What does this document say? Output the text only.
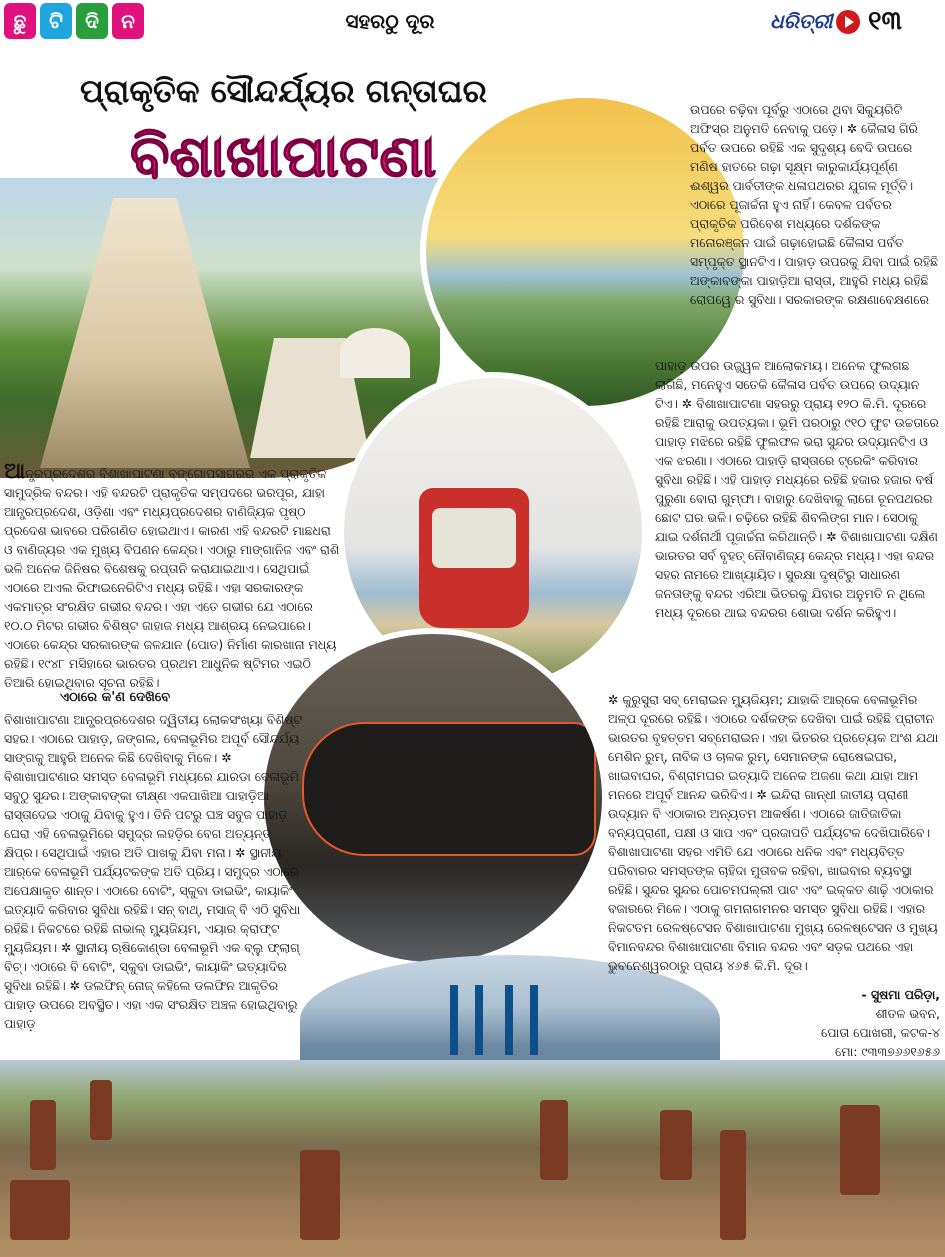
ଛୁ	ଟି	ଦି	ନ	ସହରଠୁ ଦୂର	ଧରିତ୍ରୀ ୧୩
ପ୍ରାକୃତିକ ସୌନ୍ଦର୍ଯ୍ୟର ଗନ୍ତାଘର
ବିଶାଖାପାଟଣା
ଆନ୍ଧ୍ରପ୍ରଦେଶର ବିଶାଖାପାଟଣା ବଙ୍ଗୋପସାଗରର ଏକ ପ୍ରାକୃତିକ ସାମୁଦ୍ରିକ ବନ୍ଦର। ଏହି ବନ୍ଦରଟି ପ୍ରାକୃତିକ ସମ୍ପଦରେ ଭରପୂର, ଯାହା ଆନ୍ଧ୍ରପ୍ରଦେଶ, ଓଡ଼ିଶା ଏବଂ ମଧ୍ୟପ୍ରଦେଶର ବାଣିଜ୍ୟିକ ପୃଷ୍ଠ ପ୍ରଦେଶ ଭାବରେ ପରିଗଣିତ ହୋଇଥାଏ। କାରଣ ଏହି ବନ୍ଦରଟି ମାଛଧରା ଓ ବାଣିଜ୍ୟର ଏକ ମୁଖ୍ୟ ବିପଣନ କେନ୍ଦ୍ର। ଏଠାରୁ ମାଙ୍ଗାନିଜ ଏବଂ ରାଶି ଭଳି ଅନେକ ଜିନିଷର ବିଶେଷକୁ ରପ୍ତାନି କରାଯାଇଥାଏ। ସେଥିପାଇଁ ଏଠାରେ ଅଏଲ ରିଫାଇନେରିଟିଏ ମଧ୍ୟ ରହିଛି। ଏହା ସରକାରଙ୍କ ଏକମାତ୍ର ସଂରକ୍ଷିତ ଗଭୀର ବନ୍ଦର। ଏହା ଏତେ ଗଭୀର ଯେ ଏଠାରେ ୧୦.୦ ମିଟର ଗଭୀର ବିଶିଷ୍ଟ ଜାହାଜ ମଧ୍ୟ ଆଶ୍ରୟ ନେଇପାରେ। ଏଠାରେ କେନ୍ଦ୍ର ସରକାରଙ୍କ ଜଳଯାନ (ପୋତ) ନିର୍ମାଣ କାରଖାନା ମଧ୍ୟ ରହିଛି। ୧୯୪୮ ମସିହାରେ ଭାରତର ପ୍ରଥମ ଆଧୁନିକ ଷ୍ଟିମର ଏଇଠି ତିଆରି ହୋଇଥିବାର ସୂଚନା ରହିଛି।
ଏଠାରେ କ'ଣ ଦେଖିବେ
ବିଶାଖାପାଟଣା ଆନ୍ଧ୍ରପ୍ରଦେଶର ଦ୍ୱିତୀୟ ଲୋକସଂଖ୍ୟା ବିଶିଷ୍ଟ ସହର। ଏଠାରେ ପାହାଡ଼, ଜଙ୍ଗଲ, ବେଳାଭୂମିର ଅପୂର୍ବ ସୌନ୍ଦର୍ଯ୍ୟ ସାଙ୍ଗକୁ ଆହୁରି ଅନେକ କିଛି ଦେଖିବାକୁ ମିଳେ। ✲ ବିଶାଖାପାଟଣାର ସମସ୍ତ ବେଳାଭୂମି ମଧ୍ୟରେ ଯାରଡା ବେଳାଭୂମି ସବୁଠୁ ସୁନ୍ଦର। ଅଙ୍କାବଙ୍କା ତୀକ୍ଷ୍ଣ ଏକପାଖିଆ ପାହାଡ଼ିଆ ରାସ୍ତାଦେଇ ଏଠାକୁ ଯିବାକୁ ହୁଏ। ତିନି ପଟରୁ ଘଞ୍ଚ ସବୁଜ ପାହାଡ଼ ଘେରା ଏହି ବେଳାଭୂମିରେ ସମୁଦ୍ର ଲହଡ଼ିର ବେଗ ଅତ୍ୟନ୍ତ କ୍ଷିପ୍ର। ସେଥିପାଇଁ ଏହାର ଅତି ପାଖକୁ ଯିବା ମନା। ✲ ସ୍ଥାନୀୟ ଆର୍‌କେ ବେଳାଭୂମି ପର୍ଯ୍ୟଟକଙ୍କ ଅତି ପ୍ରିୟ। ସମୁଦ୍ର ଏଠାରେ ଅପେକ୍ଷାକୃତ ଶାନ୍ତ। ଏଠାରେ ବୋଟିଂ, ସ୍କୁବା ଡାଇଭିଂ, କାୟାକିଂ ଇତ୍ୟାଦି କରିବାର ସୁବିଧା ରହିଛି। ସନ୍ ବାଥ୍, ମସାଜ୍ ବି ଏଠି ସୁବିଧା ରହିଛି। ନିକଟରେ ରହିଛି ନାଭାଲ୍ ମ୍ୟୁଜିୟମ, ଏୟାର କ୍ରାଫ୍ଟ ମ୍ୟୁଜିୟମ। ✲ ସ୍ଥାନୀୟ ଋଷିକୋଣ୍ଡା ବେଳାଭୂମି ଏକ ବ୍ଲୁ ଫ୍ଲାଗ୍ ବିଚ୍। ଏଠାରେ ବି ବୋଟିଂ, ସ୍କୁବା ଡାଇଭିଂ, କାୟାକିଂ ଇତ୍ୟାଦିର ସୁବିଧା ରହିଛି। ✲ ଡଲଫିନ୍ ନୋଜ୍ କହିଲେ ଡଲଫିନ ଆକୃତିର ପାହାଡ଼ ଉପରେ ଅବସ୍ଥିତ। ଏହା ଏକ ସଂରକ୍ଷିତ ଅଞ୍ଚଳ ହୋଇଥିବାରୁ ପାହାଡ଼
ଉପରେ ଚଢ଼ିବା ପୂର୍ବରୁ ଏଠାରେ ଥିବା ସିକ୍ୟୁରିଟି ଅଫିସ୍‌ର ଅନୁମତି ନେବାକୁ ପଡ଼େ। ✲ କୈଳାସ ଗିରି ପର୍ବତ ଉପରେ ରହିଛି ଏକ ସୁଦୃଶ୍ୟ ବେଦି ଉପରେ ମଣିଷ ହାତରେ ଗଢ଼ା ସୂକ୍ଷ୍ମ କାରୁକାର୍ଯ୍ୟପୂର୍ଣ୍ଣ ଈଶ୍ୱର ପାର୍ବତୀଙ୍କ ଧଳାପଥରର ଯୁଗଳ ମୂର୍ତ୍ତି। ଏଠାରେ ପୂଜାର୍ଚ୍ଚନା ହୁଏ ନାହିଁ। କେବଳ ପର୍ବତର ପ୍ରାକୃତିକ ପରିବେଶ ମଧ୍ୟରେ ଦର୍ଶକଙ୍କ ମନୋରଞ୍ଜନ ପାଇଁ ଗଢ଼ାହୋଇଛି କୈଳାସ ପର୍ବତ ସମ୍ପୃକ୍ତ ସ୍ଥାନଟିଏ। ପାହାଡ଼ ଉପରକୁ ଯିବା ପାଇଁ ରହିଛି ଅଙ୍କାବଙ୍କା ପାହାଡ଼ିଆ ରାସ୍ତା, ଆହୁରି ମଧ୍ୟ ରହିଛି ରୋପୱେ ର ସୁବିଧା। ସରକାରଙ୍କ ରକ୍ଷଣାବେକ୍ଷଣରେ
ପାହାଡ଼ ଉପର ଉଜ୍ଜ୍ୱଳ ଆଲୋକମୟ। ଅନେକ ଫୁଲଗଛ ଲାଗିଛି, ମନେହୁଏ ସତେକି କୈଳାସ ପର୍ବତ ଉପରେ ଉଦ୍ୟାନ ଟିଏ। ✲ ବିଶାଖାପାଟଣା ସହରରୁ ପ୍ରାୟ ୧୨୦ କି.ମି. ଦୂରରେ ରହିଛି ଆରାକୁ ଉପତ୍ୟକା। ଭୂମି ପରଠାରୁ ୯୧୦ ଫୁଟ ଉଚ୍ଚତାରେ ପାହାଡ଼ ମଝିରେ ରହିଛି ଫୁଲଫଳ ଭରା ସୁନ୍ଦର ଉଦ୍ୟାନଟିଏ ଓ ଏକ ଝରଣା। ଏଠାରେ ପାହାଡ଼ି ରାସ୍ତାରେ ଟ୍ରେକିଂ କରିବାର ସୁବିଧା ରହିଛି। ଏହି ପାହାଡ଼ ମଧ୍ୟରେ ରହିଛି ହଜାର ହଜାର ବର୍ଷ ପୁରୁଣା ବୋରା ଗୁମ୍ଫା। ବାହାରୁ ଦେଖିବାକୁ ଲାଗେ ଚୂନପଥରର ଛୋଟ ଘର ଭଳି। ଚଢ଼ିରେ ରହିଛି ଶିବଲିଙ୍ଗ ମାନ। ସେଠାକୁ ଯାଇ ଦର୍ଶନାର୍ଥୀ ପୂଜାର୍ଚ୍ଚନା କରିଥାନ୍ତି। ✲ ବିଶାଖାପାଟଣା ଦକ୍ଷିଣ ଭାରତର ସର୍ବ ବୃହତ୍ ନୌବାଣିଜ୍ୟ କେନ୍ଦ୍ର ମଧ୍ୟ। ଏହା ବନ୍ଦର ସହର ନାମରେ ଆଖ୍ୟାୟିତ। ସୁରକ୍ଷା ଦୃଷ୍ଟିରୁ ସାଧାରଣ ଜନତାଙ୍କୁ ବନ୍ଦର ଏରିଆ ଭିତରକୁ ଯିବାର ଅନୁମତି ନ ଥିଲେ ମଧ୍ୟ ଦୂରରେ ଥାଇ ବନ୍ଦରର ଶୋଭା ଦର୍ଶନ କରିହୁଏ।
✲ କୁରୁସୁରା ସବ୍ ମେରାଇନ ମ୍ୟୁଜିୟମ; ଯାହାକି ଆର୍‌କେ ବେଳାଭୂମିର ଅଳ୍ପ ଦୂରରେ ରହିଛି। ଏଠାରେ ଦର୍ଶକଙ୍କ ଦେଖିବା ପାଇଁ ରହିଛି ପ୍ରାଚୀନ ଭାରତର ବୃହତ୍ତମ ସବ୍‌ମେରାଇନ। ଏହା ଭିତରର ପ୍ରତ୍ୟେକ ଅଂଶ ଯଥା ମେଶିନ ରୁମ୍, ନାବିକ ଓ ଚାଳକ ରୁମ୍, ସେମାନଙ୍କ ରୋଷେଇଘର, ଖାଇବାଘର, ବିଶ୍ରାମଘର ଇତ୍ୟାଦି ଅନେକ ଅଜଣା କଥା ଯାହା ଆମ ମନରେ ଅପୂର୍ବ ଆନନ୍ଦ ଭରିଦିଏ। ✲ ଇନ୍ଦିରା ଗାନ୍ଧୀ ଜାତୀୟ ପ୍ରାଣୀ ଉଦ୍ୟାନ ବି ଏଠାକାର ଅନ୍ୟତମ ଆକର୍ଷଣ। ଏଠାରେ ଜାତିଜାତିକା ବନ୍ୟପ୍ରାଣୀ, ପକ୍ଷୀ ଓ ସାପ ଏବଂ ପ୍ରଜାପତି ପର୍ଯ୍ୟଟକ ଦେଖିପାରିବେ। ବିଶାଖାପାଟଣା ସହର ଏମିତି ଯେ ଏଠାରେ ଧନିକ ଏବଂ ମଧ୍ୟବିତ୍ତ ପରିବାରର ସମସ୍ତଙ୍କ ଚାହିଦା ମୁତାବକ ରହିବା, ଖାଇବାର ବ୍ୟବସ୍ଥା ରହିଛି। ସୁନ୍ଦର ସୁନ୍ଦର ପୋଚମପଲ୍ଲୀ ପାଟ ଏବଂ ଇକ୍କତ ଶାଢ଼ି ଏଠାକାର ବଜାରରେ ମିଳେ। ଏଠାକୁ ଗମନାଗମନର ସମସ୍ତ ସୁବିଧା ରହିଛି। ଏହାର ନିକଟତମ ରେଳଷ୍ଟେସନ ବିଶାଖାପାଟଣା ମୁଖ୍ୟ ରେଳଷ୍ଟେସନ ଓ ମୁଖ୍ୟ ବିମାନବନ୍ଦର ବିଶାଖାପାଟଣା ବିମାନ ବନ୍ଦର ଏବଂ ସଡ଼କ ପଥରେ ଏହା ଭୁବନେଶ୍ୱରଠାରୁ ପ୍ରାୟ ୪୬୫ କି.ମି. ଦୂର।
- ସୁଷମା ପରିଡ଼ା,
ଶୀତଳ ଭବନ,
ପୋତା ପୋଖରୀ, କଟକ-୪
ମୋ: ୯୩୩୭୬୬୧୬୫୬
